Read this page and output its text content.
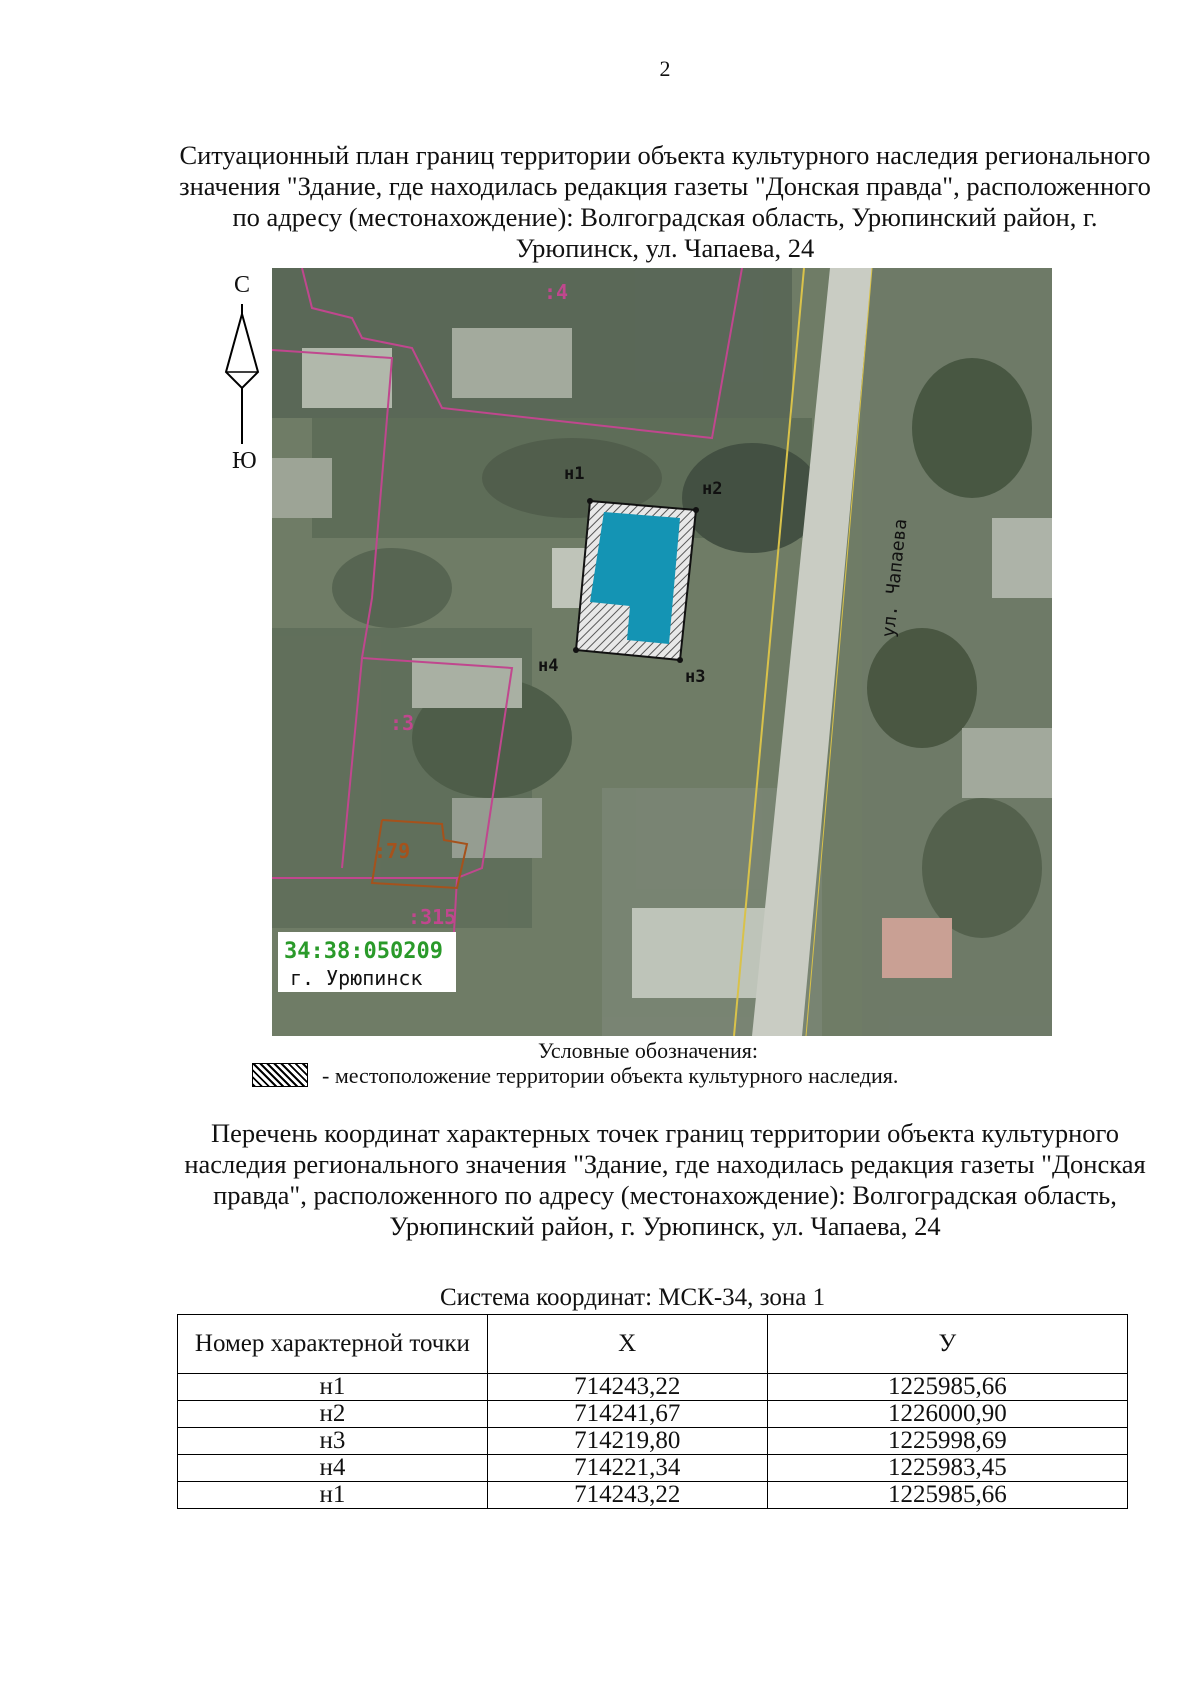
2
Ситуационный план границ территории объекта культурного наследия регионального значения "Здание, где находилась редакция газеты "Донская правда", расположенного по адресу (местонахождение): Волгоградская область, Урюпинский район, г. Урюпинск, ул. Чапаева, 24
С
Ю
ул. Чапаева
н1
н2
н3
н4
:4
:3
:79
:315
34:38:050209
г. Урюпинск
Условные обозначения:
- местоположение территории объекта культурного наследия.
Перечень координат характерных точек границ территории объекта культурного наследия регионального значения "Здание, где находилась редакция газеты "Донская правда", расположенного по адресу (местонахождение): Волгоградская область, Урюпинский район, г. Урюпинск, ул. Чапаева, 24
Система координат: МСК-34, зона 1
Номер характерной точки	X	У
н1	714243,22	1225985,66
н2	714241,67	1226000,90
н3	714219,80	1225998,69
н4	714221,34	1225983,45
н1	714243,22	1225985,66
